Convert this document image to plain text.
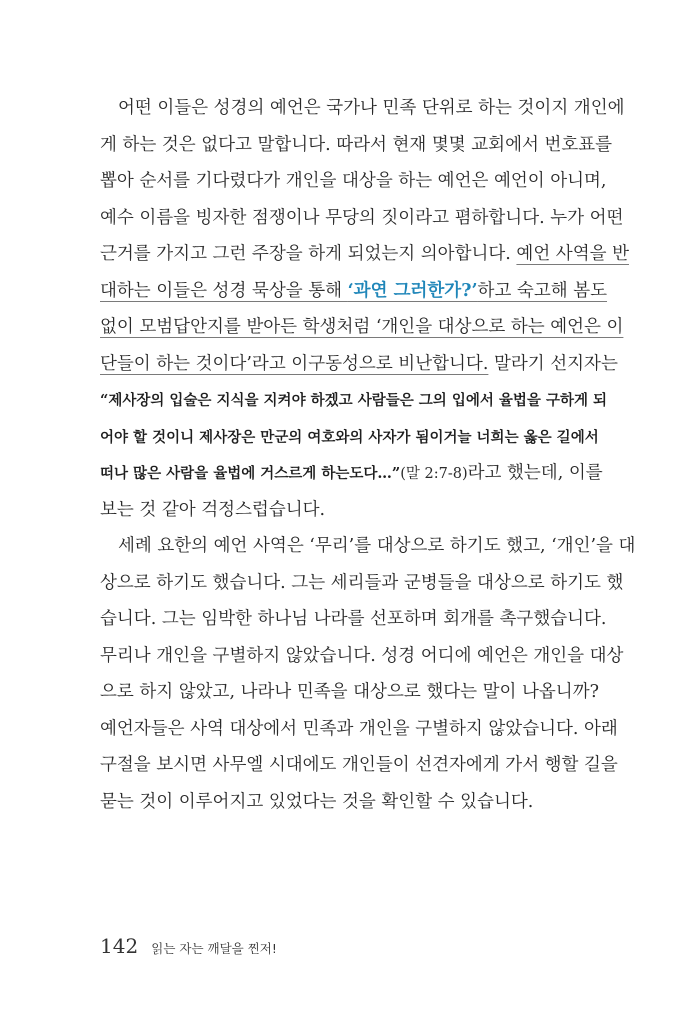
어떤 이들은 성경의 예언은 국가나 민족 단위로 하는 것이지 개인에
게 하는 것은 없다고 말합니다. 따라서 현재 몇몇 교회에서 번호표를
뽑아 순서를 기다렸다가 개인을 대상을 하는 예언은 예언이 아니며,
예수 이름을 빙자한 점쟁이나 무당의 짓이라고 폄하합니다. 누가 어떤
근거를 가지고 그런 주장을 하게 되었는지 의아합니다. 예언 사역을 반
대하는 이들은 성경 묵상을 통해 ‘과연 그러한가?’하고 숙고해 봄도
없이 모범답안지를 받아든 학생처럼 ‘개인을 대상으로 하는 예언은 이
단들이 하는 것이다’라고 이구동성으로 비난합니다. 말라기 선지자는
“제사장의 입술은 지식을 지켜야 하겠고 사람들은 그의 입에서 율법을 구하게 되
어야 할 것이니 제사장은 만군의 여호와의 사자가 됨이거늘 너희는 옳은 길에서
떠나 많은 사람을 율법에 거스르게 하는도다…”(말 2:7-8)라고 했는데, 이를
보는 것 같아 걱정스럽습니다.
세례 요한의 예언 사역은 ‘무리’를 대상으로 하기도 했고, ‘개인’을 대
상으로 하기도 했습니다. 그는 세리들과 군병들을 대상으로 하기도 했
습니다. 그는 임박한 하나님 나라를 선포하며 회개를 촉구했습니다.
무리나 개인을 구별하지 않았습니다. 성경 어디에 예언은 개인을 대상
으로 하지 않았고, 나라나 민족을 대상으로 했다는 말이 나옵니까?
예언자들은 사역 대상에서 민족과 개인을 구별하지 않았습니다. 아래
구절을 보시면 사무엘 시대에도 개인들이 선견자에게 가서 행할 길을
묻는 것이 이루어지고 있었다는 것을 확인할 수 있습니다.
142 읽는 자는 깨달을 찐저!
